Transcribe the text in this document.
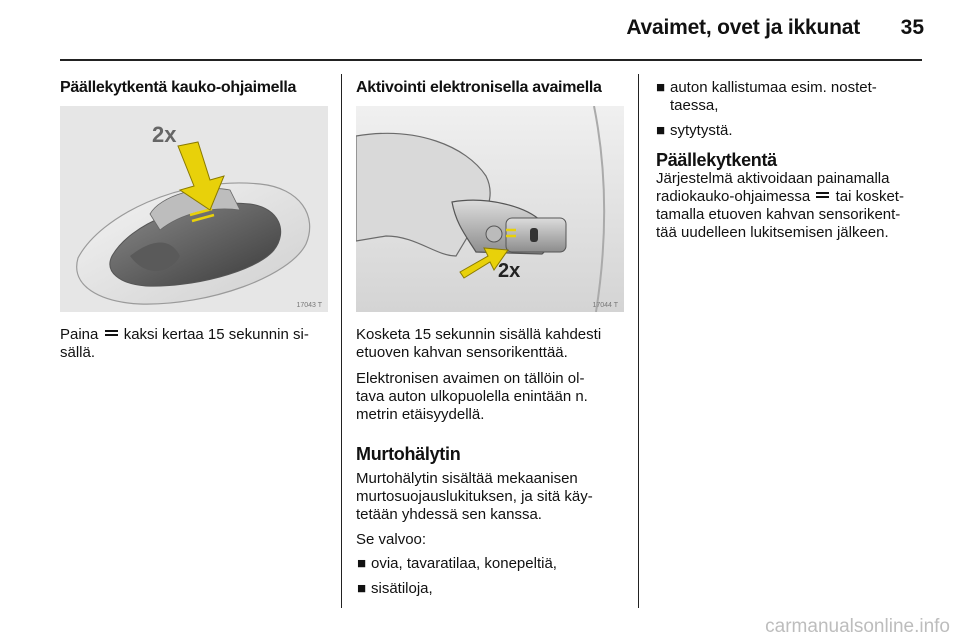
Avaimet, ovet ja ikkunat	35
Päällekytkentä kauko-ohjaimella
2x
17043 T

Paina kaksi kertaa 15 sekunnin si-

sällä.

Aktivointi elektronisella avaimella
2x
17044 T

Kosketa 15 sekunnin sisällä kahdesti

etuoven kahvan sensorikenttää.

Elektronisen avaimen on tällöin ol-

tava auton ulkopuolella enintään n.

metrin etäisyydellä.

Murtohälytin

Murtohälytin sisältää mekaanisen

murtosuojauslukituksen, ja sitä käy-

tetään yhdessä sen kanssa.

Se valvoo:
■ ovia, tavaratilaa, konepeltiä,
■ sisätiloja,
■ auton kallistumaa esim. nostet-
taessa,
■ sytytystä.
Päällekytkentä

Järjestelmä aktivoidaan painamalla

radiokauko-ohjaimessa tai kosket-

tamalla etuoven kahvan sensorikent-

tää uudelleen lukitsemisen jälkeen.

carmanualsonline.info
